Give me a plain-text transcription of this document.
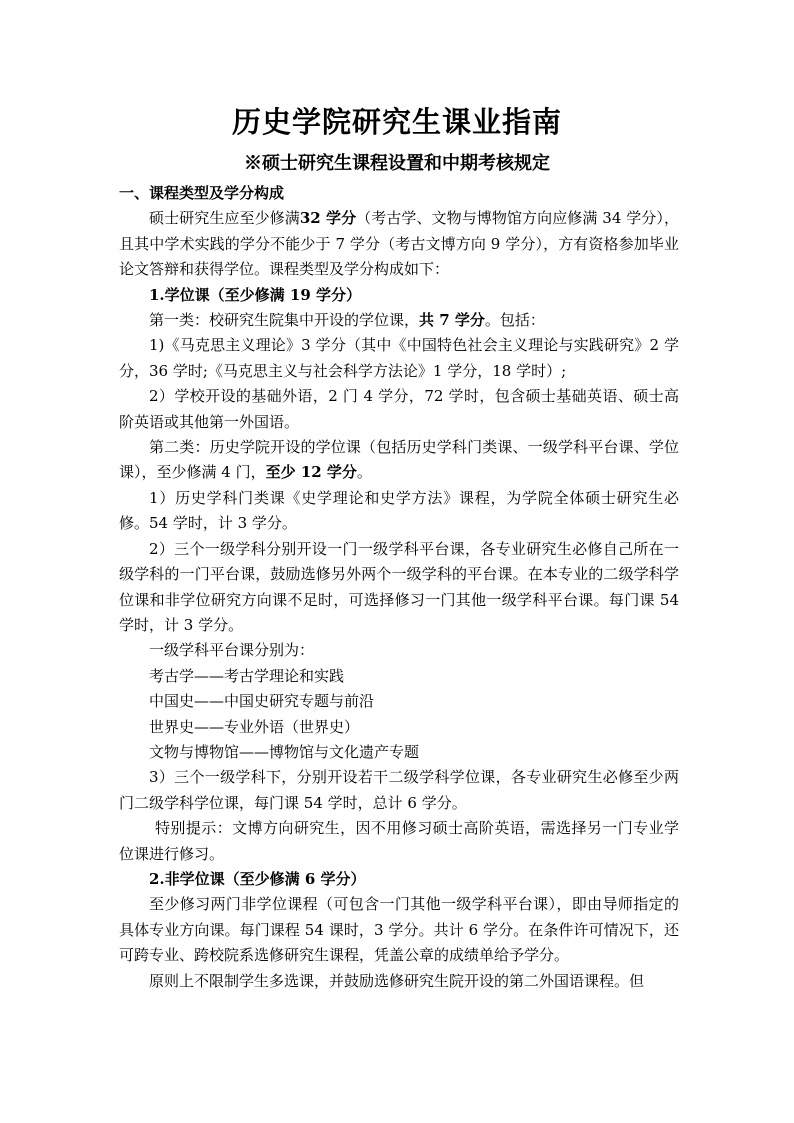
历史学院研究生课业指南
※硕士研究生课程设置和中期考核规定

一、课程类型及学分构成

硕士研究生应至少修满32 学分（考古学、文物与博物馆方向应修满 34 学分），且其中学术实践的学分不能少于 7 学分（考古文博方向 9 学分），方有资格参加毕业论文答辩和获得学位。课程类型及学分构成如下：

1.学位课（至少修满 19 学分）

第一类：校研究生院集中开设的学位课，共 7 学分。包括：

1)《马克思主义理论》3 学分（其中《中国特色社会主义理论与实践研究》2 学分，36 学时;《马克思主义与社会科学方法论》1 学分，18 学时）;

2）学校开设的基础外语，2 门 4 学分，72 学时，包含硕士基础英语、硕士高阶英语或其他第一外国语。

第二类：历史学院开设的学位课（包括历史学科门类课、一级学科平台课、学位课），至少修满 4 门，至少 12 学分。

1）历史学科门类课《史学理论和史学方法》课程，为学院全体硕士研究生必修。54 学时，计 3 学分。

2）三个一级学科分别开设一门一级学科平台课，各专业研究生必修自己所在一级学科的一门平台课，鼓励选修另外两个一级学科的平台课。在本专业的二级学科学位课和非学位研究方向课不足时，可选择修习一门其他一级学科平台课。每门课 54 学时，计 3 学分。

一级学科平台课分别为：

考古学——考古学理论和实践

中国史——中国史研究专题与前沿

世界史——专业外语（世界史）

文物与博物馆——博物馆与文化遗产专题

3）三个一级学科下，分别开设若干二级学科学位课，各专业研究生必修至少两门二级学科学位课，每门课 54 学时，总计 6 学分。

特别提示：文博方向研究生，因不用修习硕士高阶英语，需选择另一门专业学位课进行修习。

2.非学位课（至少修满 6 学分）

至少修习两门非学位课程（可包含一门其他一级学科平台课），即由导师指定的具体专业方向课。每门课程 54 课时，3 学分。共计 6 学分。在条件许可情况下，还可跨专业、跨校院系选修研究生课程，凭盖公章的成绩单给予学分。

原则上不限制学生多选课，并鼓励选修研究生院开设的第二外国语课程。但
